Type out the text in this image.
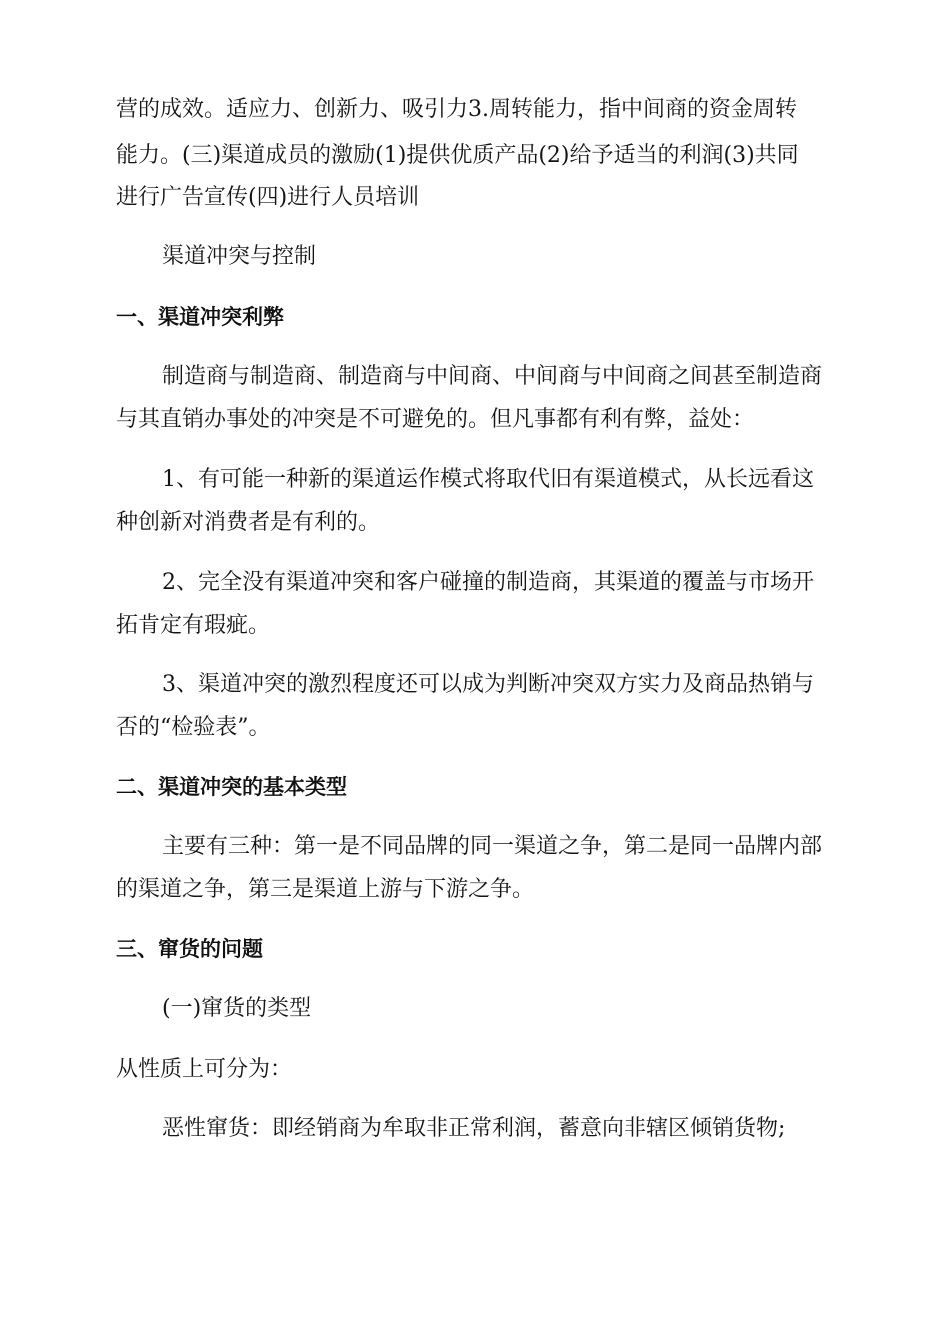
营的成效。适应力、创新力、吸引力3.周转能力，指中间商的资金周转
能力。(三)渠道成员的激励(1)提供优质产品(2)给予适当的利润(3)共同
进行广告宣传(四)进行人员培训
渠道冲突与控制
一、渠道冲突利弊
制造商与制造商、制造商与中间商、中间商与中间商之间甚至制造商
与其直销办事处的冲突是不可避免的。但凡事都有利有弊，益处：
1、有可能一种新的渠道运作模式将取代旧有渠道模式，从长远看这
种创新对消费者是有利的。
2、完全没有渠道冲突和客户碰撞的制造商，其渠道的覆盖与市场开
拓肯定有瑕疵。
3、渠道冲突的激烈程度还可以成为判断冲突双方实力及商品热销与
否的“检验表”。
二、渠道冲突的基本类型
主要有三种：第一是不同品牌的同一渠道之争，第二是同一品牌内部
的渠道之争，第三是渠道上游与下游之争。
三、窜货的问题
(一)窜货的类型
从性质上可分为：
恶性窜货：即经销商为牟取非正常利润，蓄意向非辖区倾销货物;
